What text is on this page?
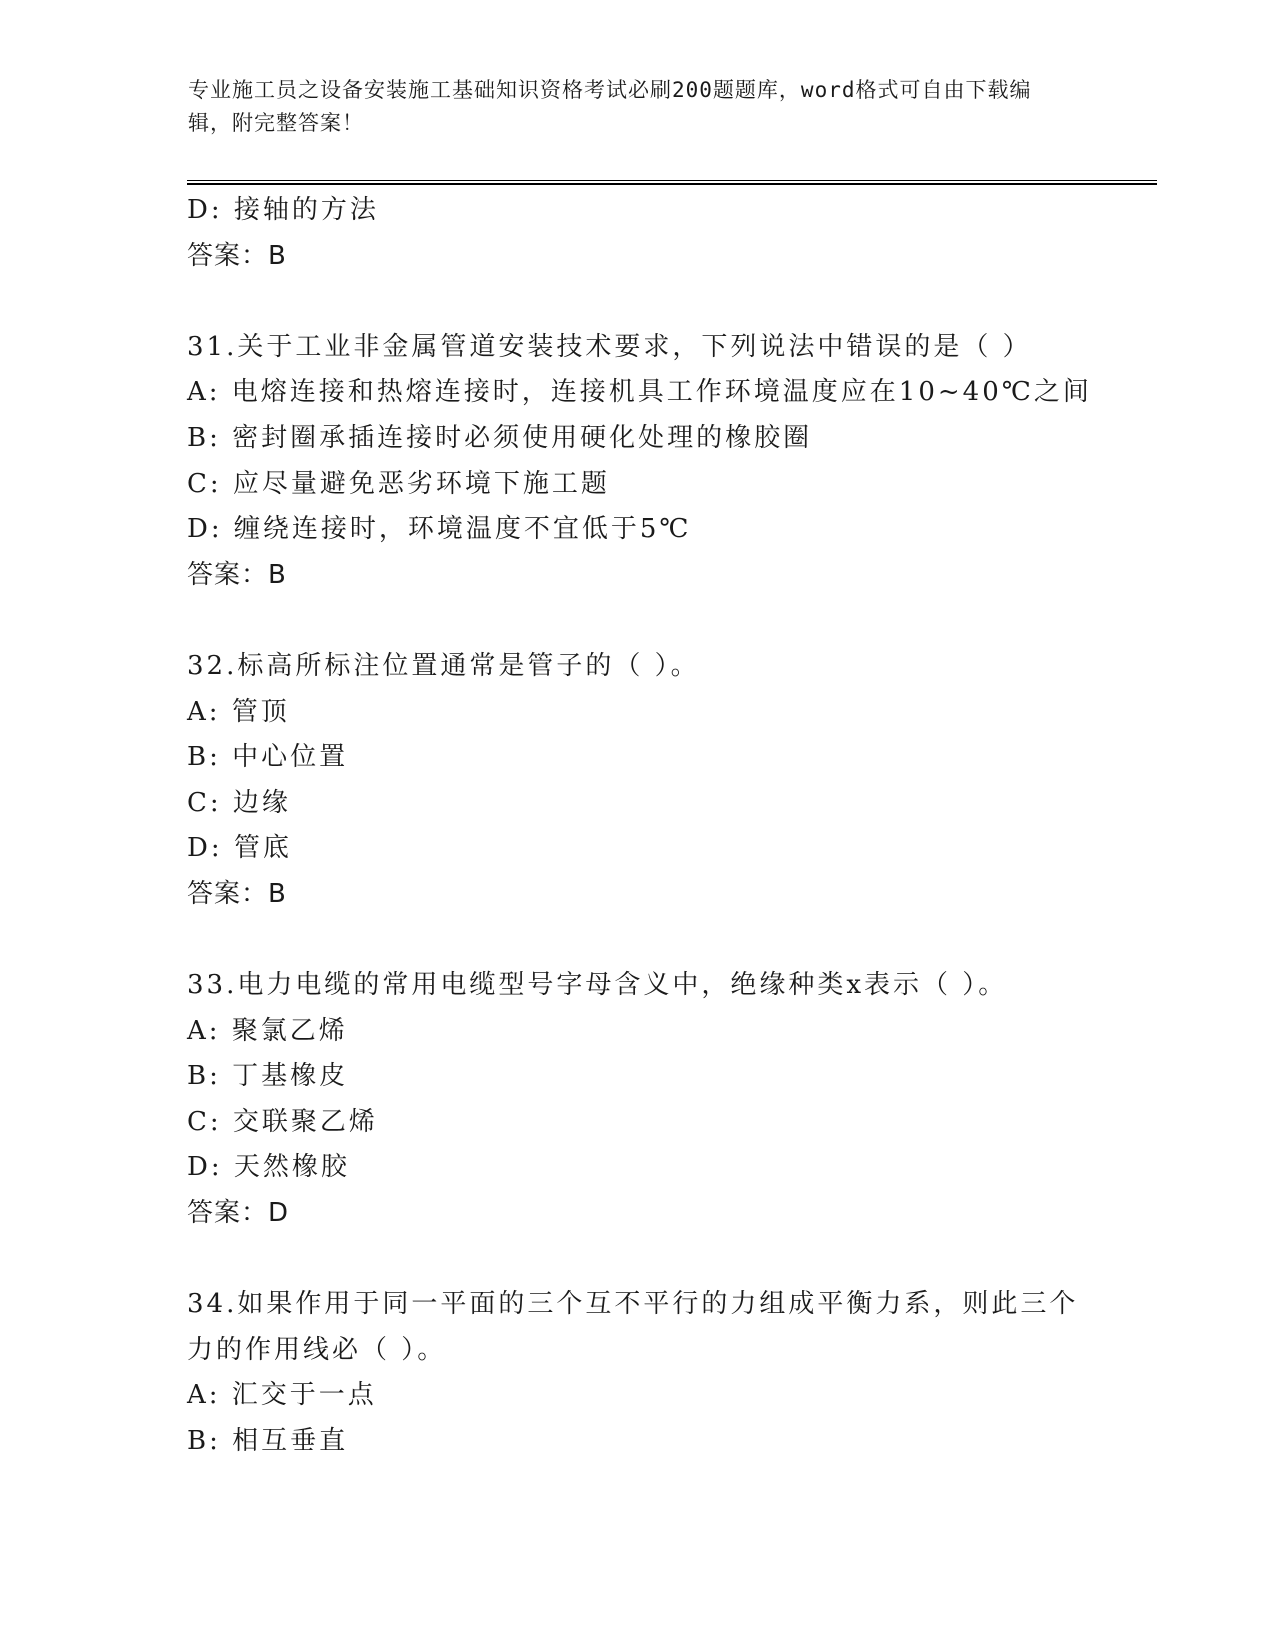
专业施工员之设备安装施工基础知识资格考试必刷200题题库，word格式可自由下载编辑，附完整答案！
D: 接轴的方法
答案：B
31.关于工业非金属管道安装技术要求，下列说法中错误的是（ ）
A: 电熔连接和热熔连接时，连接机具工作环境温度应在10~40℃之间
B: 密封圈承插连接时必须使用硬化处理的橡胶圈
C: 应尽量避免恶劣环境下施工题
D: 缠绕连接时，环境温度不宜低于5℃
答案：B
32.标高所标注位置通常是管子的（ ）。
A: 管顶
B: 中心位置
C: 边缘
D: 管底
答案：B
33.电力电缆的常用电缆型号字母含义中，绝缘种类x表示（ ）。
A: 聚氯乙烯
B: 丁基橡皮
C: 交联聚乙烯
D: 天然橡胶
答案：D
34.如果作用于同一平面的三个互不平行的力组成平衡力系，则此三个
力的作用线必（ ）。
A: 汇交于一点
B: 相互垂直
